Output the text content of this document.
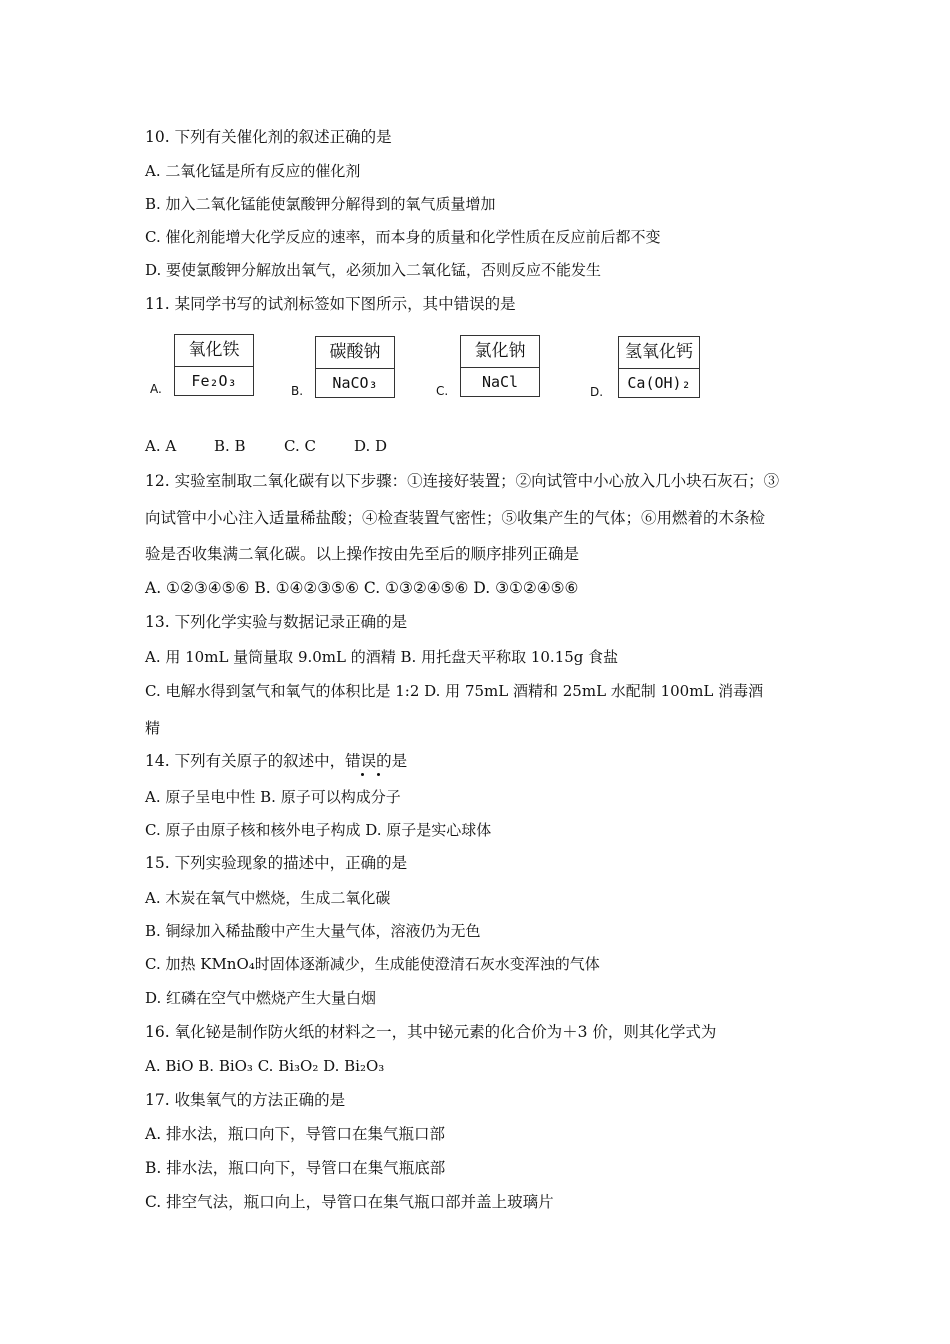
10. 下列有关催化剂的叙述正确的是
A. 二氧化锰是所有反应的催化剂
B. 加入二氧化锰能使氯酸钾分解得到的氧气质量增加
C. 催化剂能增大化学反应的速率，而本身的质量和化学性质在反应前后都不变
D. 要使氯酸钾分解放出氧气，必须加入二氧化锰，否则反应不能发生
11. 某同学书写的试剂标签如下图所示，其中错误的是
A.
氧化铁
Fe₂O₃
B.
碳酸钠
NaCO₃	C.
氯化钠
NaCl
D.
氢氧化钙
Ca(OH)₂
A. A	B. B	C. C	D. D
12. 实验室制取二氧化碳有以下步骤：①连接好装置；②向试管中小心放入几小块石灰石；③
向试管中小心注入适量稀盐酸；④检查装置气密性；⑤收集产生的气体；⑥用燃着的木条检
验是否收集满二氧化碳。以上操作按由先至后的顺序排列正确是
A. ①②③④⑤⑥ B. ①④②③⑤⑥ C. ①③②④⑤⑥ D. ③①②④⑤⑥
13. 下列化学实验与数据记录正确的是
A. 用 10mL 量筒量取 9.0mL 的酒精 B. 用托盘天平称取 10.15g 食盐
C. 电解水得到氢气和氧气的体积比是 1:2 D. 用 75mL 酒精和 25mL 水配制 100mL 消毒酒
精
14. 下列有关原子的叙述中，错误的是
A. 原子呈电中性 B. 原子可以构成分子
C. 原子由原子核和核外电子构成 D. 原子是实心球体
15. 下列实验现象的描述中，正确的是
A. 木炭在氧气中燃烧，生成二氧化碳
B. 铜绿加入稀盐酸中产生大量气体，溶液仍为无色
C. 加热 KMnO₄时固体逐渐减少，生成能使澄清石灰水变浑浊的气体
D. 红磷在空气中燃烧产生大量白烟
16. 氧化铋是制作防火纸的材料之一，其中铋元素的化合价为＋3 价，则其化学式为
A. BiO B. BiO₃ C. Bi₃O₂ D. Bi₂O₃
17. 收集氧气的方法正确的是
A. 排水法，瓶口向下，导管口在集气瓶口部
B. 排水法，瓶口向下，导管口在集气瓶底部
C. 排空气法，瓶口向上，导管口在集气瓶口部并盖上玻璃片
